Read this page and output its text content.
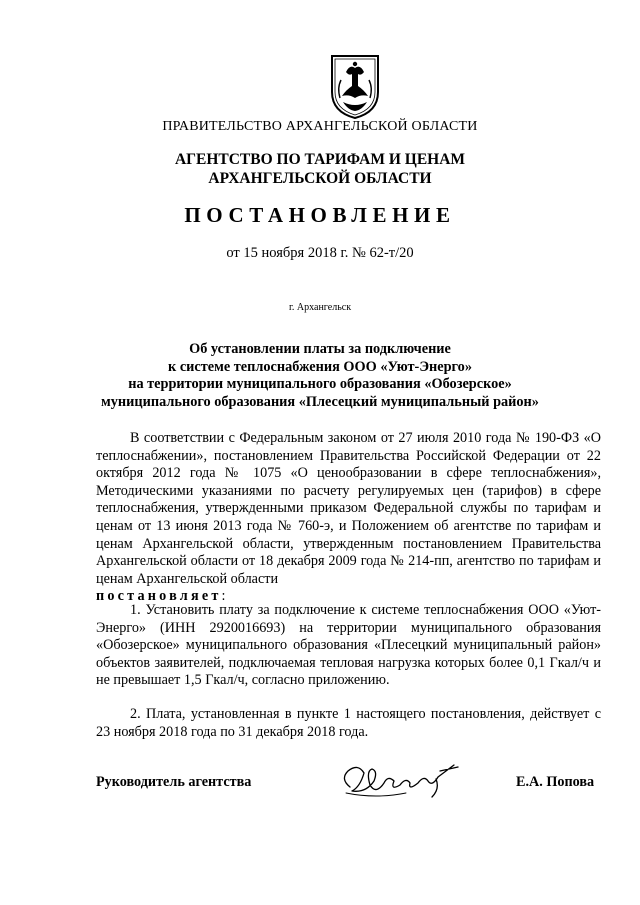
ПРАВИТЕЛЬСТВО АРХАНГЕЛЬСКОЙ ОБЛАСТИ
АГЕНТСТВО ПО ТАРИФАМ И ЦЕНАМ
АРХАНГЕЛЬСКОЙ ОБЛАСТИ
ПОСТАНОВЛЕНИЕ
от 15 ноября 2018 г. № 62-т/20
г. Архангельск
Об установлении платы за подключение
к системе теплоснабжения ООО «Уют-Энерго»
на территории муниципального образования «Обозерское»
муниципального образования «Плесецкий муниципальный район»

В соответствии с Федеральным законом от 27 июля 2010 года № 190-ФЗ «О теплоснабжении», постановлением Правительства Российской Федерации от 22 октября 2012 года № 1075 «О ценообразовании в сфере теплоснабжения», Методическими указаниями по расчету регулируемых цен (тарифов) в сфере теплоснабжения, утвержденными приказом Федеральной службы по тарифам и ценам от 13 июня 2013 года № 760-э, и Положением об агентстве по тарифам и ценам Архангельской области, утвержденным постановлением Правительства Архангельской области от 18 декабря 2009 года № 214-пп, агентство по тарифам и ценам Архангельской области

постановляет:

1. Установить плату за подключение к системе теплоснабжения ООО «Уют-Энерго» (ИНН 2920016693) на территории муниципального образования «Обозерское» муниципального образования «Плесецкий муниципальный район» объектов заявителей, подключаемая тепловая нагрузка которых более 0,1 Гкал/ч и не превышает 1,5 Гкал/ч, согласно приложению.

2. Плата, установленная в пункте 1 настоящего постановления, действует с 23 ноября 2018 года по 31 декабря 2018 года.

Руководитель агентства	Е.А. Попова
